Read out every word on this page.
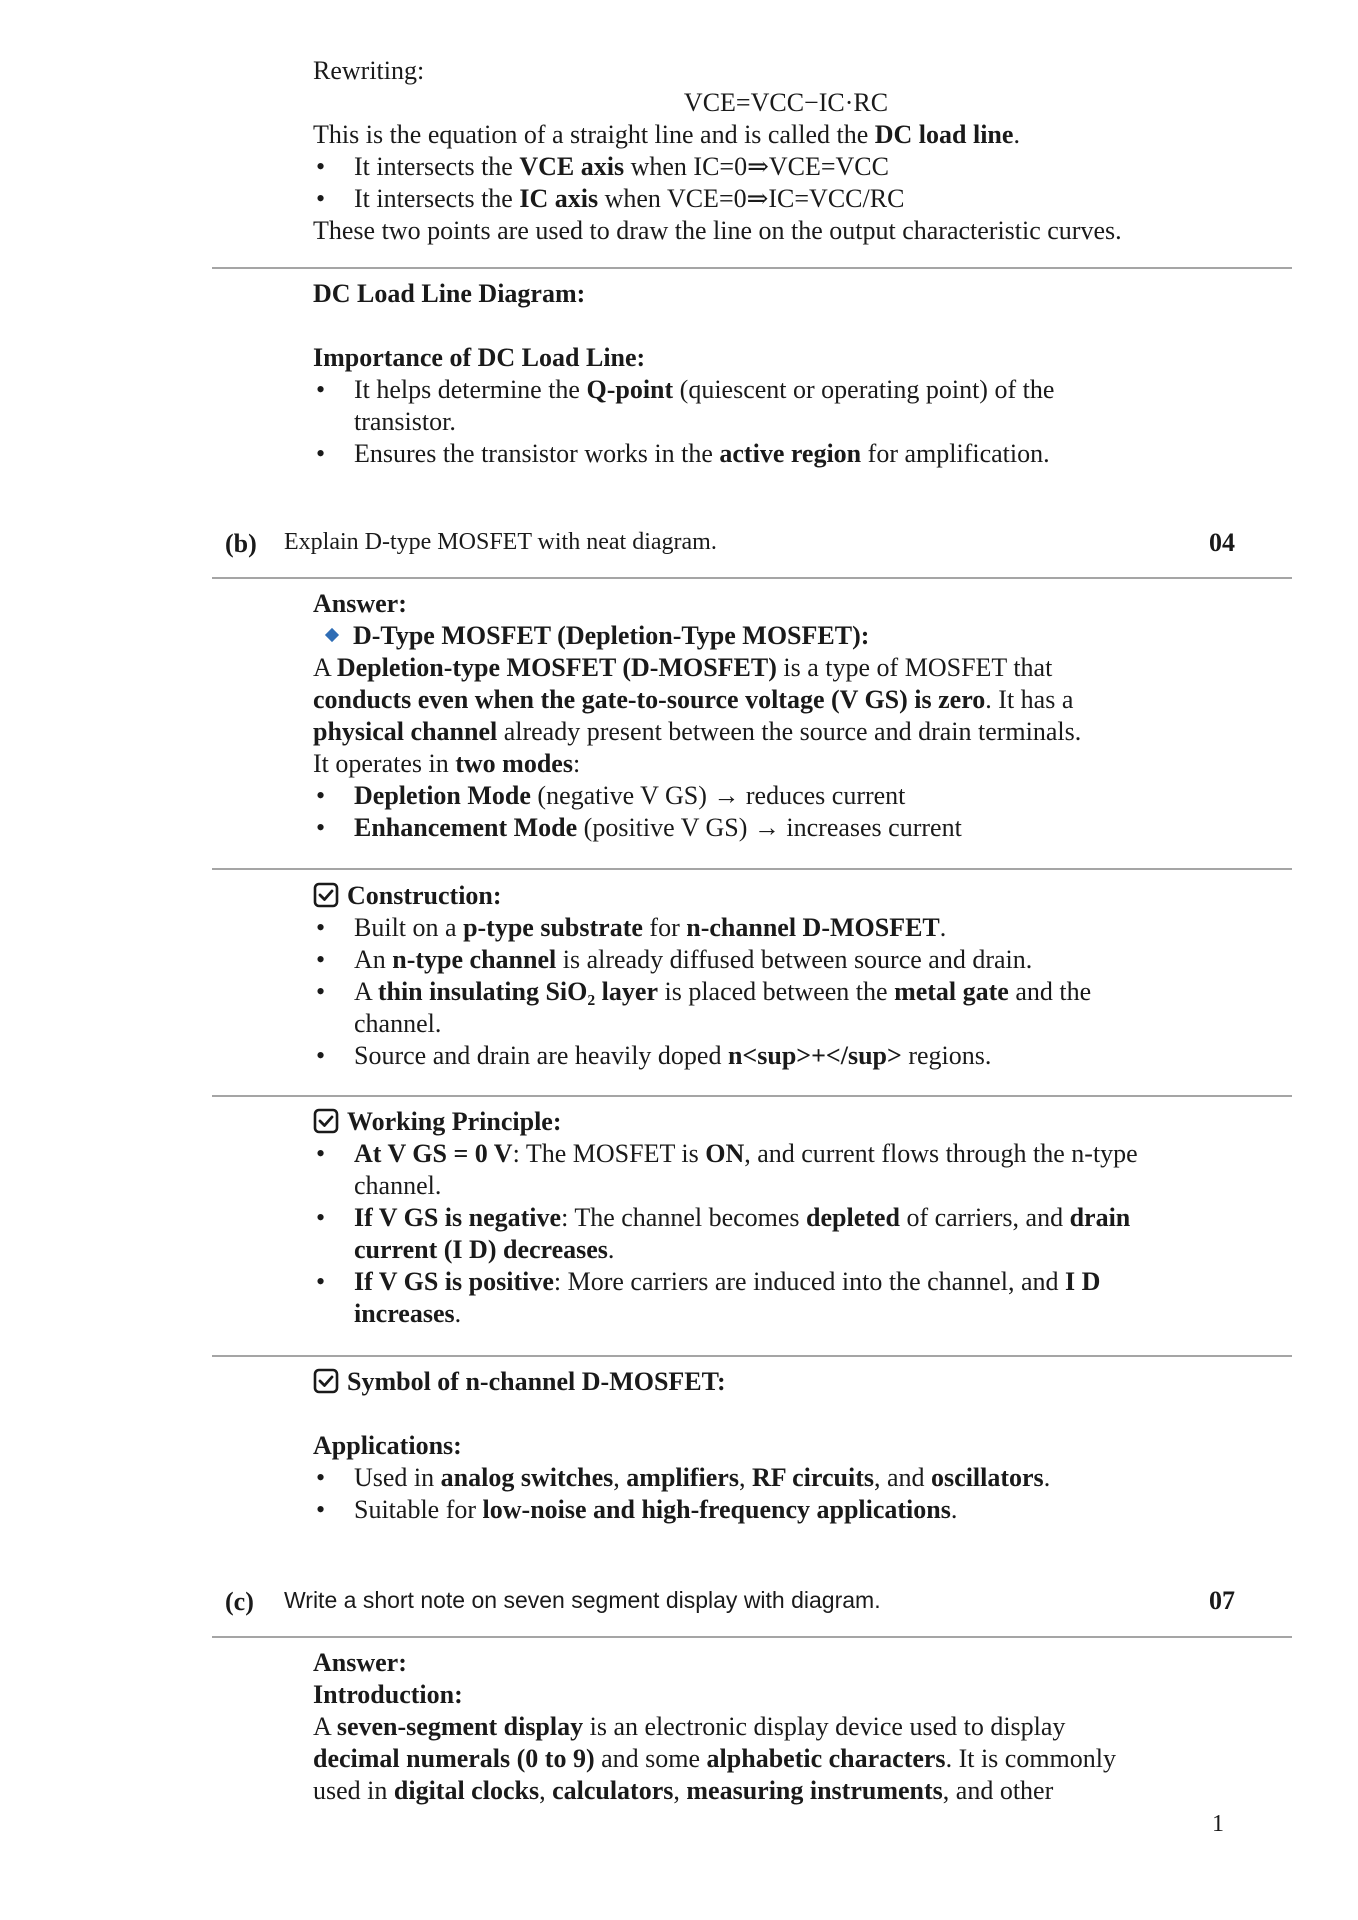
Rewriting:
VCE=VCC−IC·RC
This is the equation of a straight line and is called the DC load line.
• It intersects the VCE axis when IC=0⇒VCE=VCC
• It intersects the IC axis when VCE=0⇒IC=VCC/RC
These two points are used to draw the line on the output characteristic curves.
DC Load Line Diagram:
Importance of DC Load Line:
• It helps determine the Q-point (quiescent or operating point) of the
transistor.
• Ensures the transistor works in the active region for amplification.
(b) Explain D-type MOSFET with neat diagram.	04
Answer:
D-Type MOSFET (Depletion-Type MOSFET):
A Depletion-type MOSFET (D-MOSFET) is a type of MOSFET that
conducts even when the gate-to-source voltage (V GS) is zero. It has a
physical channel already present between the source and drain terminals.
It operates in two modes:
• Depletion Mode (negative V GS) → reduces current
• Enhancement Mode (positive V GS) → increases current
Construction:
• Built on a p-type substrate for n-channel D-MOSFET.
• An n-type channel is already diffused between source and drain.
• A thin insulating SiO₂ layer is placed between the metal gate and the
channel.
• Source and drain are heavily doped n<sup>+</sup> regions.
Working Principle:
• At V GS = 0 V: The MOSFET is ON, and current flows through the n-type
channel.
• If V GS is negative: The channel becomes depleted of carriers, and drain
current (I D) decreases.
• If V GS is positive: More carriers are induced into the channel, and I D
increases.
Symbol of n-channel D-MOSFET:
Applications:
• Used in analog switches, amplifiers, RF circuits, and oscillators.
• Suitable for low-noise and high-frequency applications.
(c) Write a short note on seven segment display with diagram.	07
Answer:
Introduction:
A seven-segment display is an electronic display device used to display
decimal numerals (0 to 9) and some alphabetic characters. It is commonly
used in digital clocks, calculators, measuring instruments, and other
1
